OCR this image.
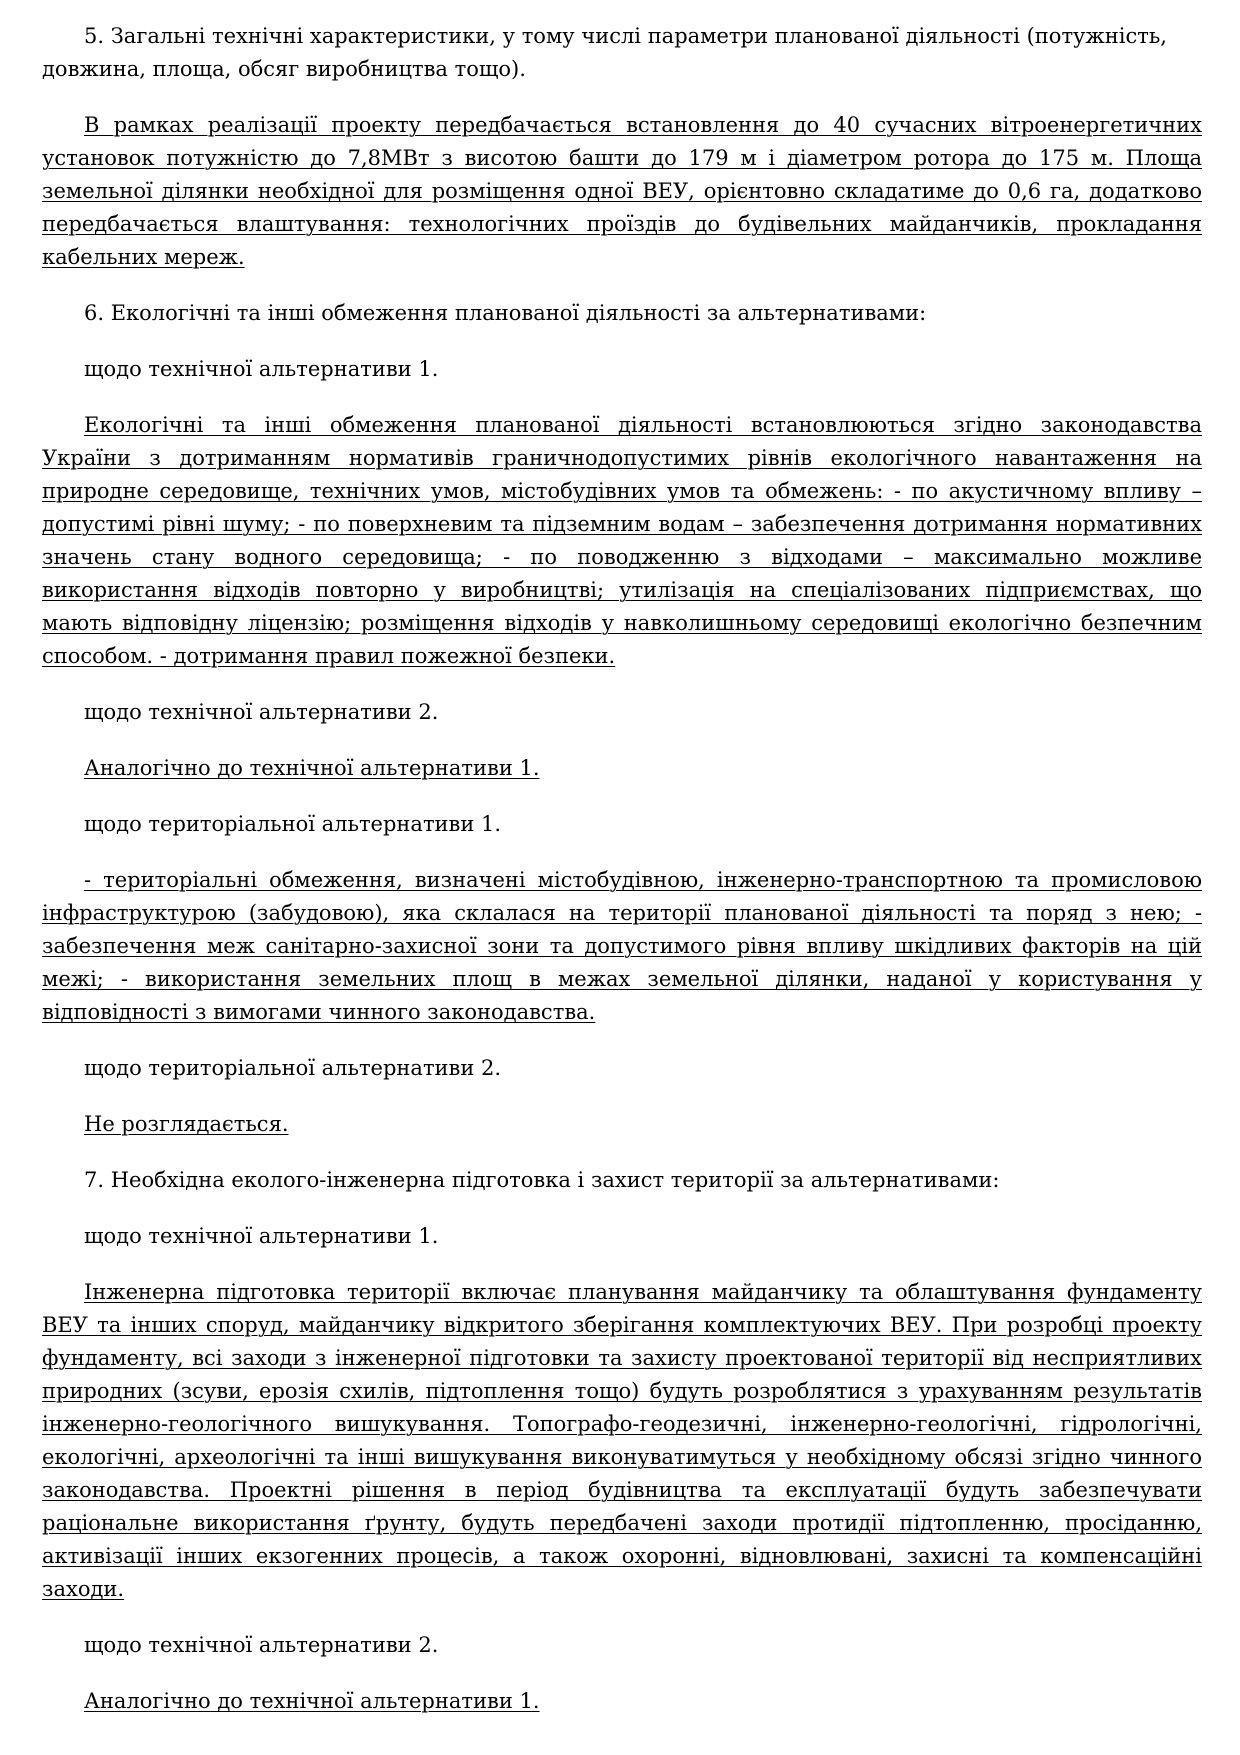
5. Загальні технічні характеристики, у тому числі параметри планованої діяльності (потужність, довжина, площа, обсяг виробництва тощо).

В рамках реалізації проекту передбачається встановлення до 40 сучасних вітроенергетичних установок потужністю до 7,8МВт з висотою башти до 179 м і діаметром ротора до 175 м. Площа земельної ділянки необхідної для розміщення одної ВЕУ, орієнтовно складатиме до 0,6 га, додатково передбачається влаштування: технологічних проїздів до будівельних майданчиків, прокладання кабельних мереж.

6. Екологічні та інші обмеження планованої діяльності за альтернативами:

щодо технічної альтернативи 1.

Екологічні та інші обмеження планованої діяльності встановлюються згідно законодавства України з дотриманням нормативів граничнодопустимих рівнів екологічного навантаження на природне середовище, технічних умов, містобудівних умов та обмежень: - по акустичному впливу – допустимі рівні шуму; - по поверхневим та підземним водам – забезпечення дотримання нормативних значень стану водного середовища; - по поводженню з відходами – максимально можливе використання відходів повторно у виробництві; утилізація на спеціалізованих підприємствах, що мають відповідну ліцензію; розміщення відходів у навколишньому середовищі екологічно безпечним способом. - дотримання правил пожежної безпеки.

щодо технічної альтернативи 2.

Аналогічно до технічної альтернативи 1.

щодо територіальної альтернативи 1.

- територіальні обмеження, визначені містобудівною, інженерно-транспортною та промисловою інфраструктурою (забудовою), яка склалася на території планованої діяльності та поряд з нею; - забезпечення меж санітарно-захисної зони та допустимого рівня впливу шкідливих факторів на цій межі; - використання земельних площ в межах земельної ділянки, наданої у користування у відповідності з вимогами чинного законодавства.

щодо територіальної альтернативи 2.

Не розглядається.

7. Необхідна еколого-інженерна підготовка і захист території за альтернативами:

щодо технічної альтернативи 1.

Інженерна підготовка території включає планування майданчику та облаштування фундаменту ВЕУ та інших споруд, майданчику відкритого зберігання комплектуючих ВЕУ. При розробці проекту фундаменту, всі заходи з інженерної підготовки та захисту проектованої території від несприятливих природних (зсуви, ерозія схилів, підтоплення тощо) будуть розроблятися з урахуванням результатів інженерно-геологічного вишукування. Топографо-геодезичні, інженерно-геологічні, гідрологічні, екологічні, археологічні та інші вишукування виконуватимуться у необхідному обсязі згідно чинного законодавства. Проектні рішення в період будівництва та експлуатації будуть забезпечувати раціональне використання ґрунту, будуть передбачені заходи протидії підтопленню, просіданню, активізації інших екзогенних процесів, а також охоронні, відновлювані, захисні та компенсаційні заходи.

щодо технічної альтернативи 2.

Аналогічно до технічної альтернативи 1.
